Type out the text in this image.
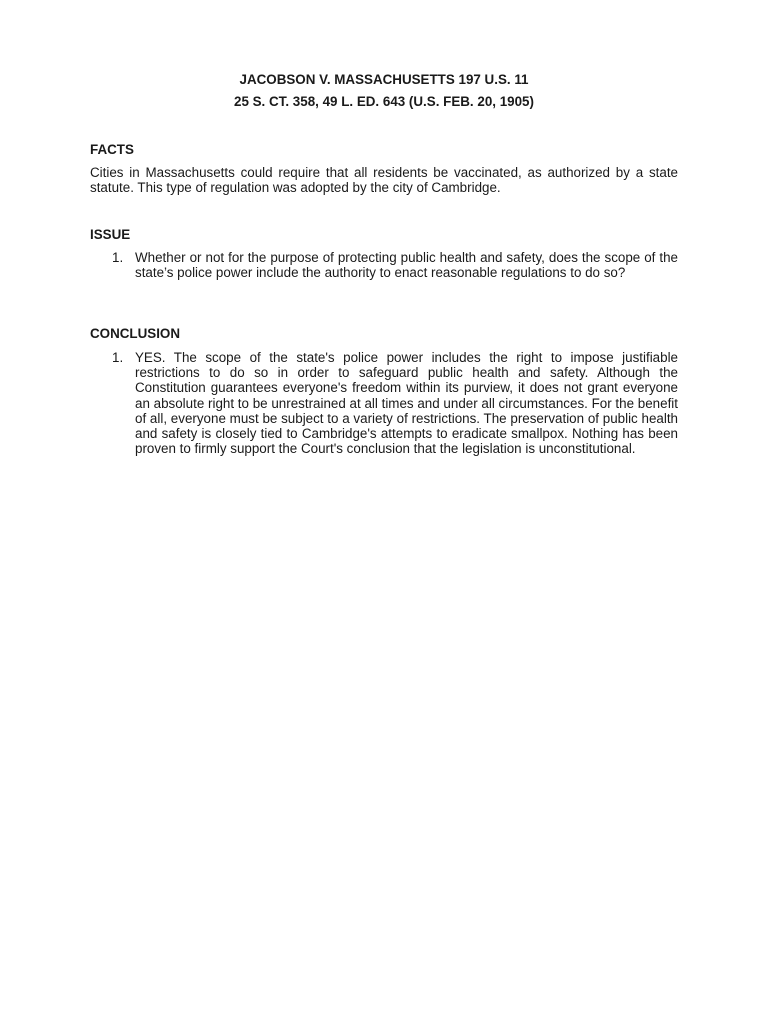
JACOBSON V. MASSACHUSETTS 197 U.S. 11
25 S. CT. 358, 49 L. ED. 643 (U.S. FEB. 20, 1905)
FACTS
Cities in Massachusetts could require that all residents be vaccinated, as authorized by a state statute. This type of regulation was adopted by the city of Cambridge.
ISSUE
1. Whether or not for the purpose of protecting public health and safety, does the scope of the state’s police power include the authority to enact reasonable regulations to do so?
CONCLUSION
1. YES. The scope of the state's police power includes the right to impose justifiable restrictions to do so in order to safeguard public health and safety. Although the Constitution guarantees everyone's freedom within its purview, it does not grant everyone an absolute right to be unrestrained at all times and under all circumstances. For the benefit of all, everyone must be subject to a variety of restrictions. The preservation of public health and safety is closely tied to Cambridge's attempts to eradicate smallpox. Nothing has been proven to firmly support the Court's conclusion that the legislation is unconstitutional.
